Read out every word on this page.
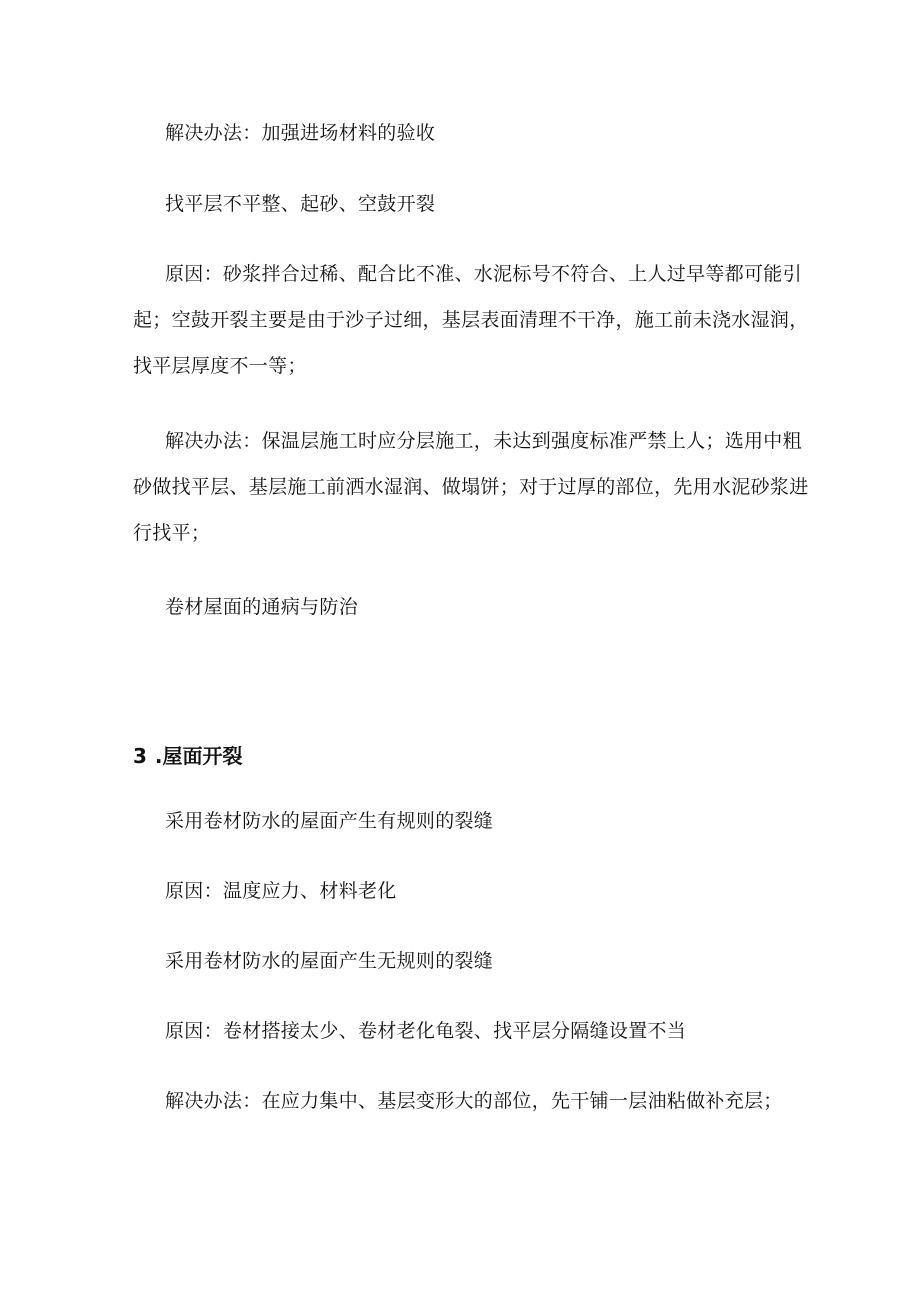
解决办法：加强进场材料的验收

找平层不平整、起砂、空鼓开裂

原因：砂浆拌合过稀、配合比不准、水泥标号不符合、上人过早等都可能引起；空鼓开裂主要是由于沙子过细，基层表面清理不干净，施工前未浇水湿润，找平层厚度不一等；

解决办法：保温层施工时应分层施工，未达到强度标准严禁上人；选用中粗砂做找平层、基层施工前洒水湿润、做塌饼；对于过厚的部位，先用水泥砂浆进行找平；

卷材屋面的通病与防治

3 .屋面开裂

采用卷材防水的屋面产生有规则的裂缝

原因：温度应力、材料老化

采用卷材防水的屋面产生无规则的裂缝

原因：卷材搭接太少、卷材老化龟裂、找平层分隔缝设置不当

解决办法：在应力集中、基层变形大的部位，先干铺一层油粘做补充层；
